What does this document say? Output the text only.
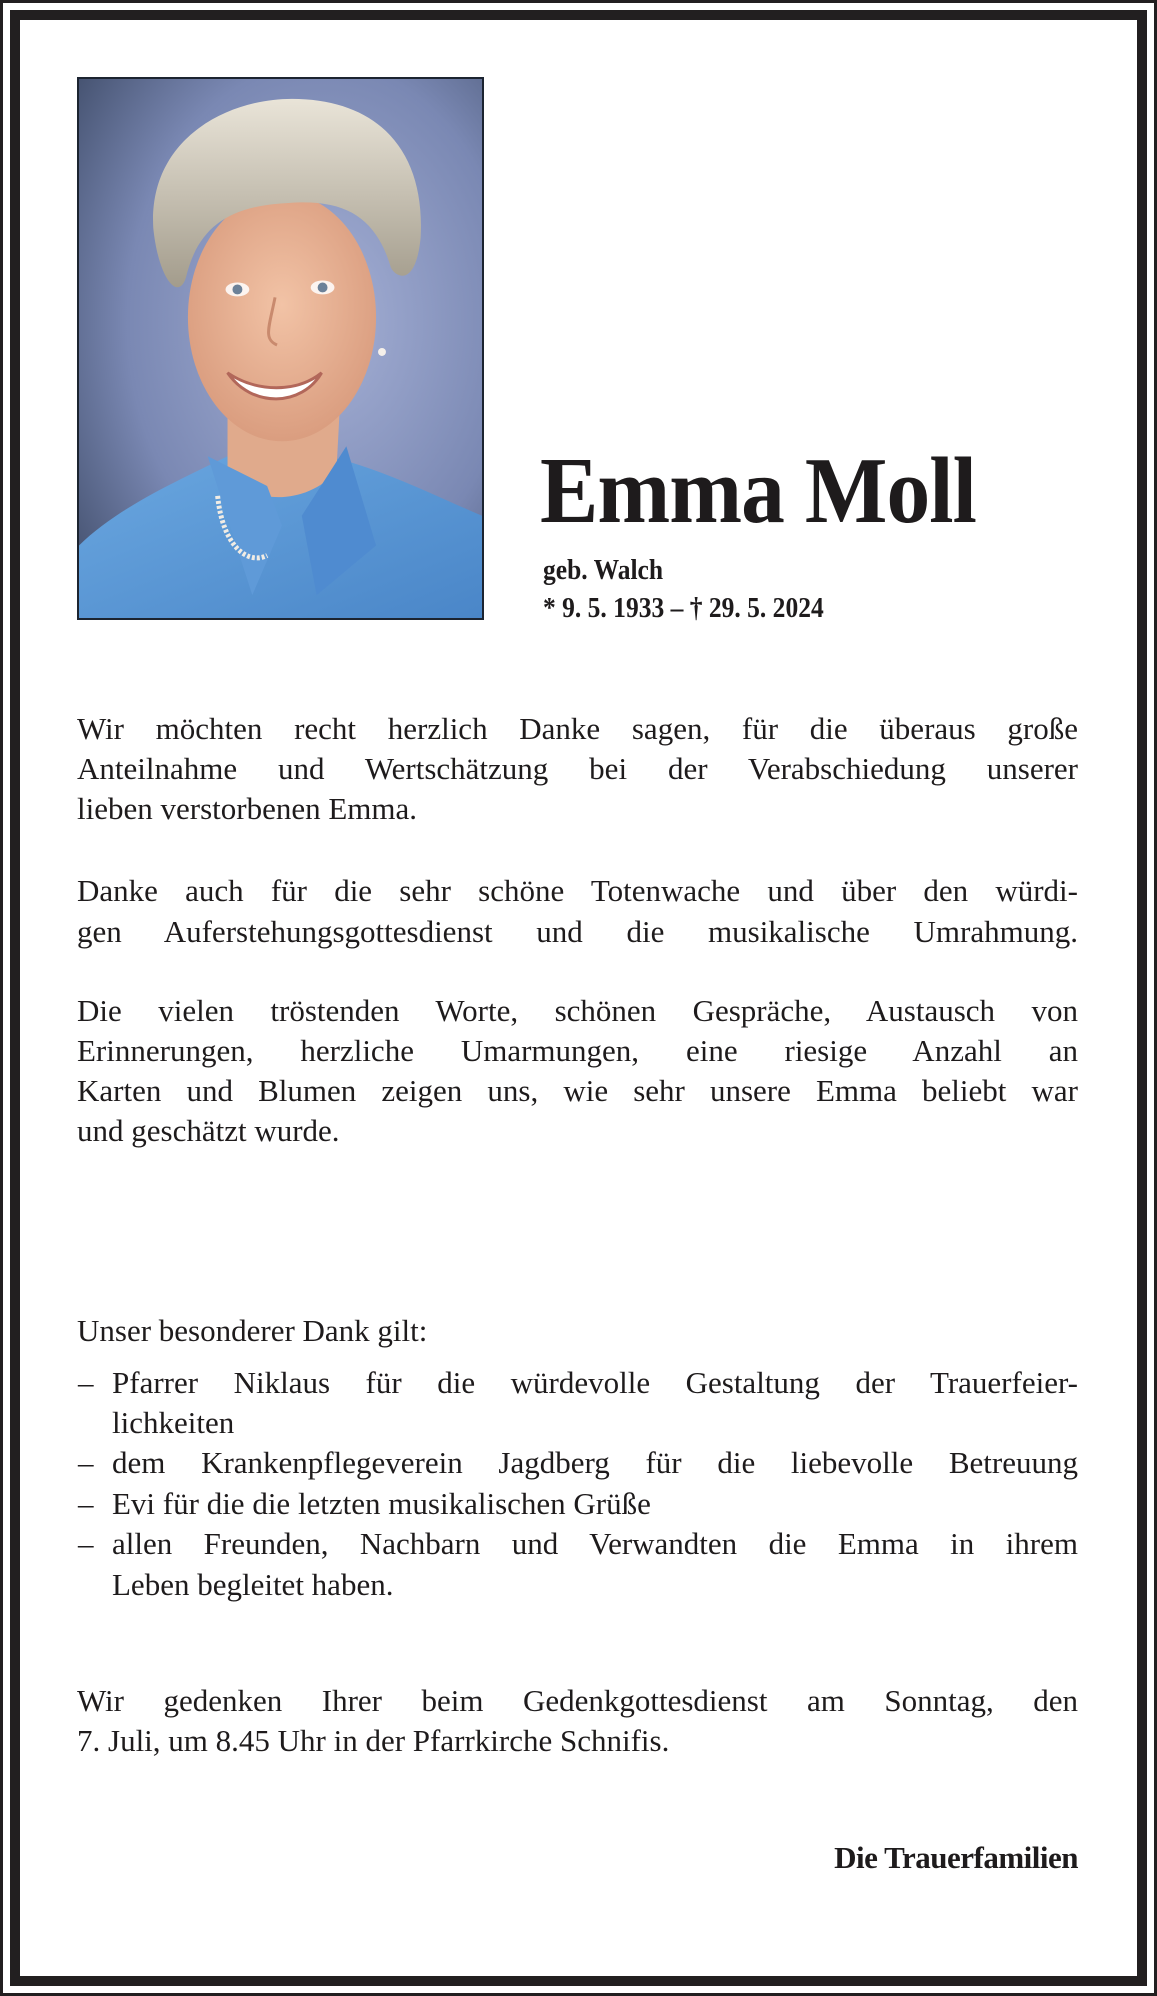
Emma Moll

geb. Walch

* 9. 5. 1933 – † 29. 5. 2024

Wir möchten recht herzlich Danke sagen, für die überaus große

Anteilnahme und Wertschätzung bei der Verabschiedung unserer

lieben verstorbenen Emma.

Danke auch für die sehr schöne Totenwache und über den würdi-

gen Auferstehungsgottesdienst und die musikalische Umrahmung.

Die vielen tröstenden Worte, schönen Gespräche, Austausch von

Erinnerungen, herzliche Umarmungen, eine riesige Anzahl an

Karten und Blumen zeigen uns, wie sehr unsere Emma beliebt war

und geschätzt wurde.

Unser besonderer Dank gilt:

– Pfarrer Niklaus für die würdevolle Gestaltung der Trauerfeier-
lichkeiten
– dem Krankenpflegeverein Jagdberg für die liebevolle Betreuung
– Evi für die die letzten musikalischen Grüße
– allen Freunden, Nachbarn und Verwandten die Emma in ihrem
Leben begleitet haben.

Wir gedenken Ihrer beim Gedenkgottesdienst am Sonntag, den

7. Juli, um 8.45 Uhr in der Pfarrkirche Schnifis.

Die Trauerfamilien
